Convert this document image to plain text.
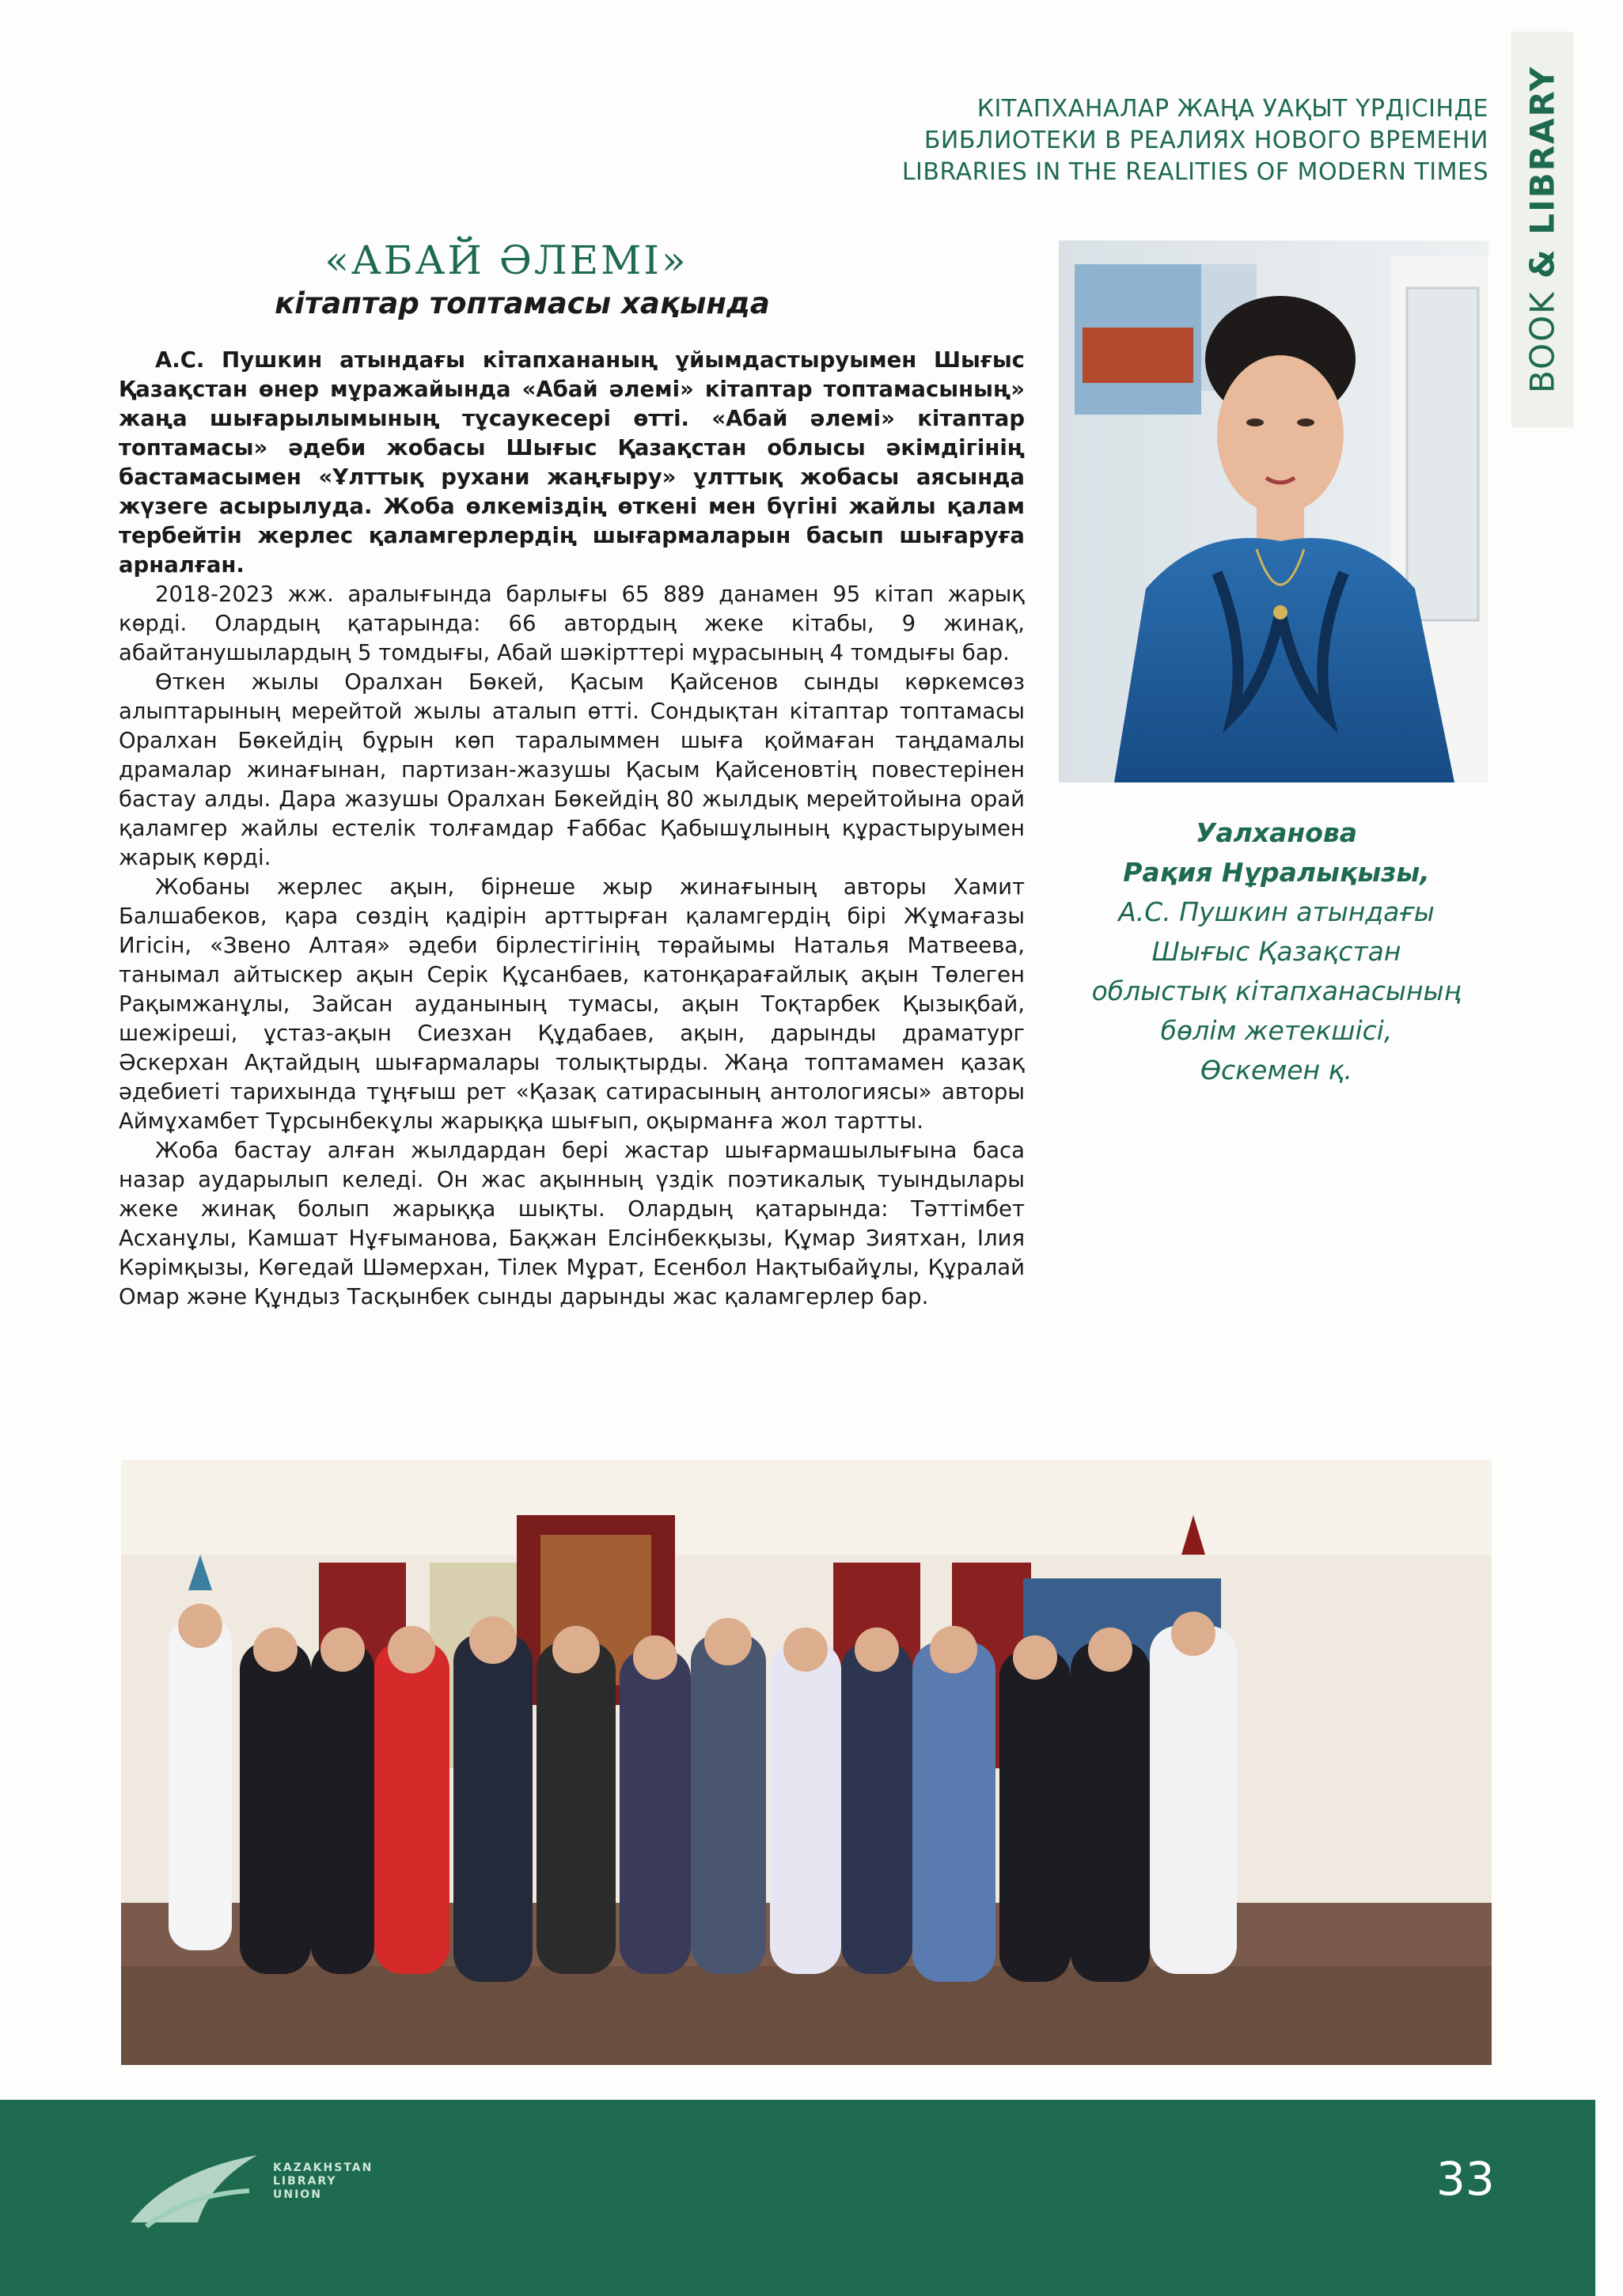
BOOK & LIBRARY
КІТАПХАНАЛАР ЖАҢА УАҚЫТ ҮРДІСІНДЕ
БИБЛИОТЕКИ В РЕАЛИЯХ НОВОГО ВРЕМЕНИ
LIBRARIES IN THE REALITIES OF MODERN TIMES
«АБАЙ ӘЛЕМІ»
кітаптар топтамасы хақында

А.С. Пушкин атындағы кітапхананың ұйымдастыруымен Шығыс Қазақстан өнер мұражайында «Абай әлемі» кітаптар топтамасының» жаңа шығарылымының тұсаукесері өтті. «Абай әлемі» кітаптар топтамасы» әдеби жобасы Шығыс Қазақстан облысы әкімдігінің бастамасымен «Ұлттық рухани жаңғыру» ұлттық жобасы аясында жүзеге асырылуда. Жоба өлкеміздің өткені мен бүгіні жайлы қалам тербейтін жерлес қаламгерлердің шығармаларын басып шығаруға арналған.

2018-2023 жж. аралығында барлығы 65 889 данамен 95 кітап жарық көрді. Олардың қатарында: 66 автордың жеке кітабы, 9 жинақ, абайтанушылардың 5 томдығы, Абай шәкірттері мұрасының 4 томдығы бар.

Өткен жылы Оралхан Бөкей, Қасым Қайсенов сынды көркемсөз алыптарының мерейтой жылы аталып өтті. Сондықтан кітаптар топтамасы Оралхан Бөкейдің бұрын көп таралыммен шыға қоймаған таңдамалы драмалар жинағынан, партизан-жазушы Қасым Қайсеновтің повестерінен бастау алды. Дара жазушы Оралхан Бөкейдің 80 жылдық мерейтойына орай қаламгер жайлы естелік толғамдар Ғаббас Қабышұлының құрастыруымен жарық көрді.

Жобаны жерлес ақын, бірнеше жыр жинағының авторы Хамит Балшабеков, қара сөздің қадірін арттырған қаламгердің бірі Жұмағазы Игісін, «Звено Алтая» әдеби бірлестігінің төрайымы Наталья Матвеева, танымал айтыскер ақын Серік Құсанбаев, катонқарағайлық ақын Төлеген Рақымжанұлы, Зайсан ауданының тумасы, ақын Тоқтарбек Қызықбай, шежіреші, ұстаз-ақын Сиезхан Құдабаев, ақын, дарынды драматург Әскерхан Ақтайдың шығармалары толықтырды. Жаңа топтамамен қазақ әдебиеті тарихында тұңғыш рет «Қазақ сатирасының антологиясы» авторы Аймұхамбет Тұрсынбекұлы жарыққа шығып, оқырманға жол тартты.

Жоба бастау алған жылдардан бері жастар шығармашылығына баса назар аударылып келеді. Он жас ақынның үздік поэтикалық туындылары жеке жинақ болып жарыққа шықты. Олардың қатарында: Тәттімбет Асханұлы, Камшат Нұғыманова, Бақжан Елсінбекқызы, Құмар Зиятхан, Ілия Кәрімқызы, Көгедай Шәмерхан, Тілек Мұрат, Есенбол Нақтыбайұлы, Құралай Омар және Құндыз Тасқынбек сынды дарынды жас қаламгерлер бар.

Уалханова
Рақия Нұралықызы,
А.С. Пушкин атындағы
Шығыс Қазақстан
облыстық кітапханасының
бөлім жетекшісі,
Өскемен қ.
KAZAKHSTAN
LIBRARY
UNION	33
